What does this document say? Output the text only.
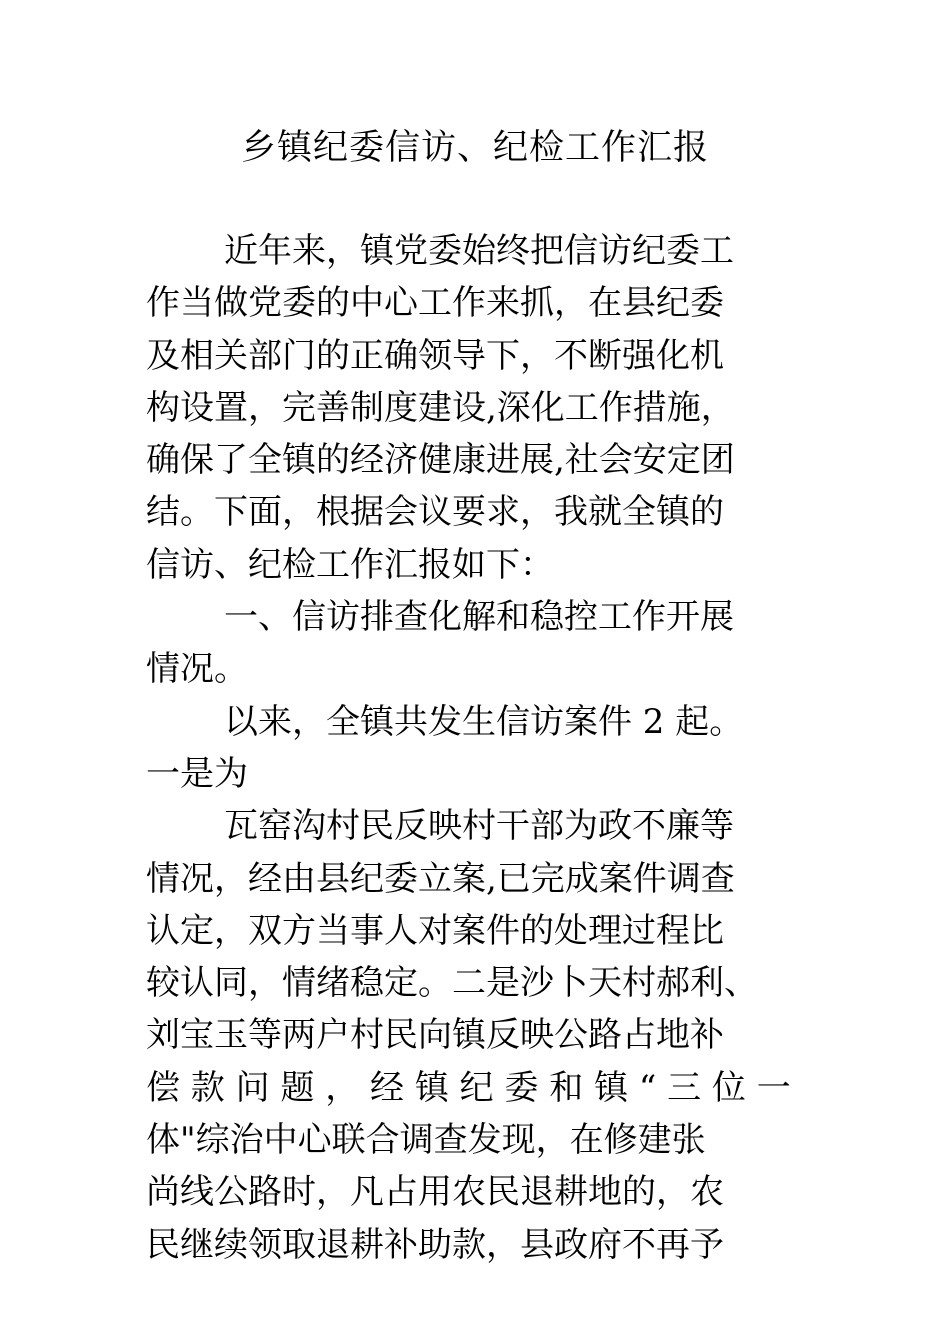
乡镇纪委信访、纪检工作汇报
近年来，镇党委始终把信访纪委工
作当做党委的中心工作来抓，在县纪委
及相关部门的正确领导下，不断强化机
构设置，完善制度建设,深化工作措施，
确保了全镇的经济健康进展,社会安定团
结。下面，根据会议要求，我就全镇的
信访、纪检工作汇报如下：
一、信访排查化解和稳控工作开展
情况。
以来，全镇共发生信访案件 2 起。
一是为
瓦窑沟村民反映村干部为政不廉等
情况，经由县纪委立案,已完成案件调查
认定，双方当事人对案件的处理过程比
较认同，情绪稳定。二是沙卜天村郝利、
刘宝玉等两户村民向镇反映公路占地补
偿 款 问 题 ， 经 镇 纪 委 和 镇 “ 三 位 一
体"综治中心联合调查发现，在修建张
尚线公路时，凡占用农民退耕地的，农
民继续领取退耕补助款，县政府不再予
